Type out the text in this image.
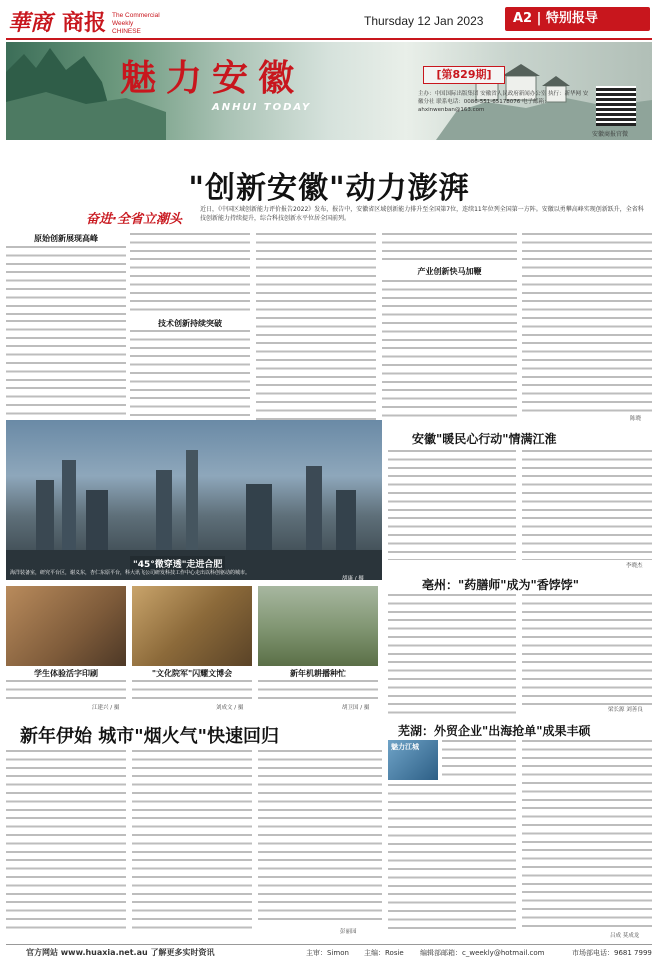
華商 商报 The Commercial Weekly CHINESE
Thursday 12 Jan 2023	A2 | 特别报导
魅力安徽
ANHUI TODAY
[第829期]
主办：中国国际出版集团 安徽省人民政府新闻办公室 执行：新华网 安徽分社 联系电话：0086-551-65178076 电子邮箱：ahxinwenban@163.com
安徽商报官微
"创新安徽"动力澎湃
奋进·全省立潮头
近日，《中国区域创新能力评价报告2022》发布，报告中，安徽省区域创新能力排升至全国第7位，连续11年位列全国第一方阵。安徽以勇攀高峰实现创新跃升，全省科技创新能力持续提升，综合科技创新水平位居全国前列。
原始创新展现高峰
技术创新持续突破
产业创新快马加鞭
陈晓
"45°微穿透"走进合肥
海洋装备室，研究平台区，谢义东，杏仁东原平台，科大讯飞公司研发科技工作中心走出以科创驱动的城市。
胡康 / 摄
学生体验活字印刷
江建兴 / 摄
"文化院军"闪耀文博会
刘成文 / 摄
新年机耕播种忙
胡卫国 / 摄
安徽"暖民心行动"情满江淮
李晓杰
亳州："药膳师"成为"香饽饽"
梁长源 刘善良
芜湖：外贸企业"出海抢单"成果丰硕
魅力江城
吕成 莫成龙
新年伊始 城市"烟火气"快速回归
彭丽园
官方网站 www.huaxia.net.au 了解更多实时资讯	主审：Simon 主编：Rosie 编辑部邮箱：c_weekly@hotmail.com	市场部电话：9681 7999
